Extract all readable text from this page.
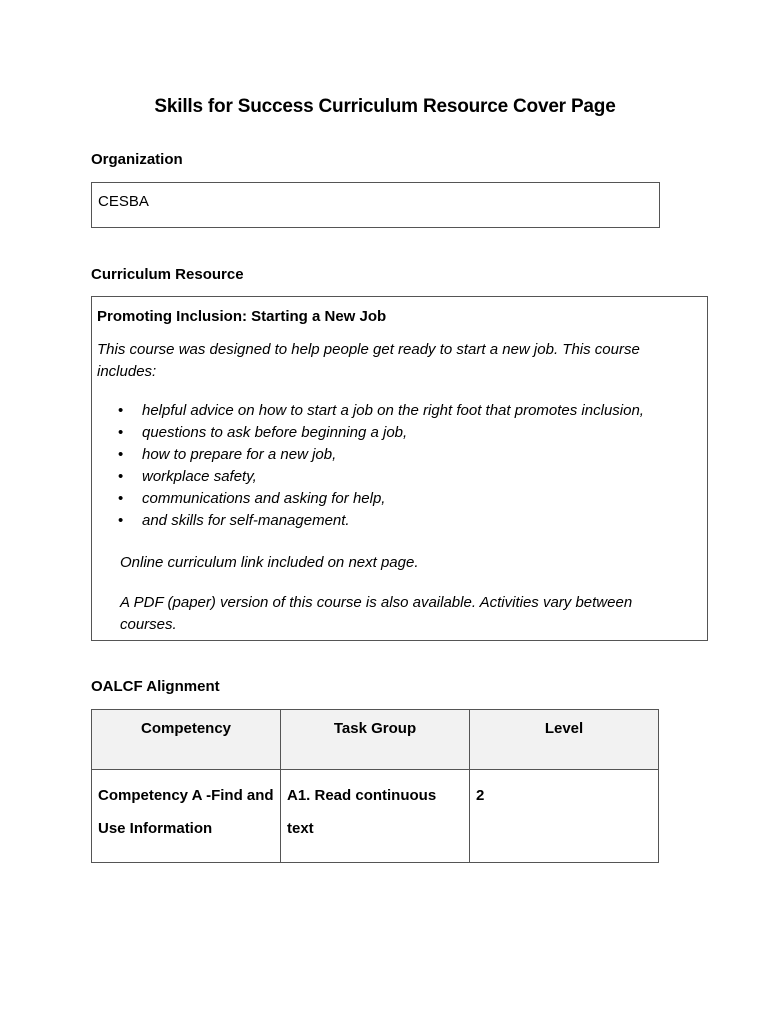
Skills for Success Curriculum Resource Cover Page
Organization
CESBA
Curriculum Resource
Promoting Inclusion: Starting a New Job
This course was designed to help people get ready to start a new job. This course includes:
• helpful advice on how to start a job on the right foot that promotes inclusion,
• questions to ask before beginning a job,
• how to prepare for a new job,
• workplace safety,
• communications and asking for help,
• and skills for self-management.
Online curriculum link included on next page.
A PDF (paper) version of this course is also available. Activities vary between courses.
OALCF Alignment
Competency	Task Group	Level
Competency A -Find and Use Information	A1. Read continuous text	2
